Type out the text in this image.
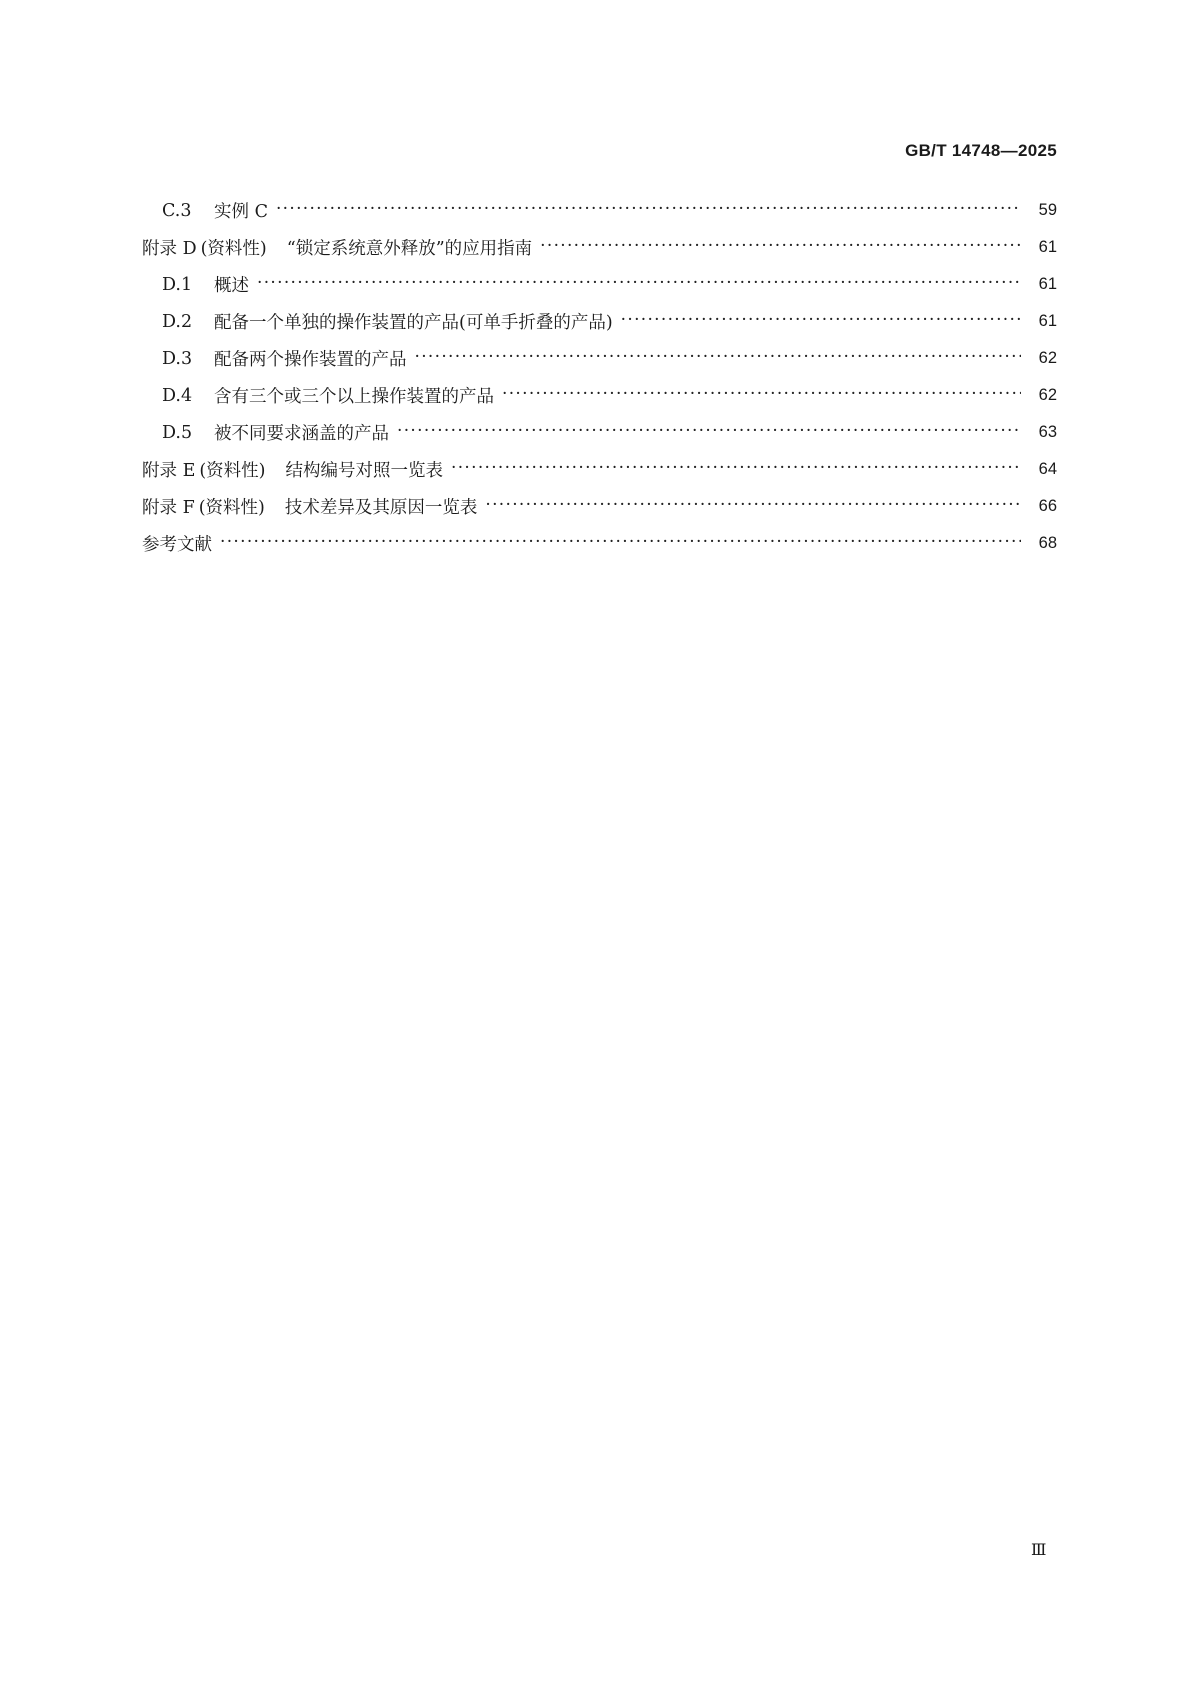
GB/T 14748—2025
C.3	实例 C ·····	59
附录 D (资料性) “锁定系统意外释放”的应用指南 ·····	61
D.1	概述 ·····	61
D.2	配备一个单独的操作装置的产品(可单手折叠的产品) ·····	61
D.3	配备两个操作装置的产品 ·····	62
D.4	含有三个或三个以上操作装置的产品 ·····	62
D.5	被不同要求涵盖的产品 ·····	63
附录 E (资料性) 结构编号对照一览表 ·····	64
附录 F (资料性) 技术差异及其原因一览表 ·····	66
参考文献 ·····	68
Ⅲ
